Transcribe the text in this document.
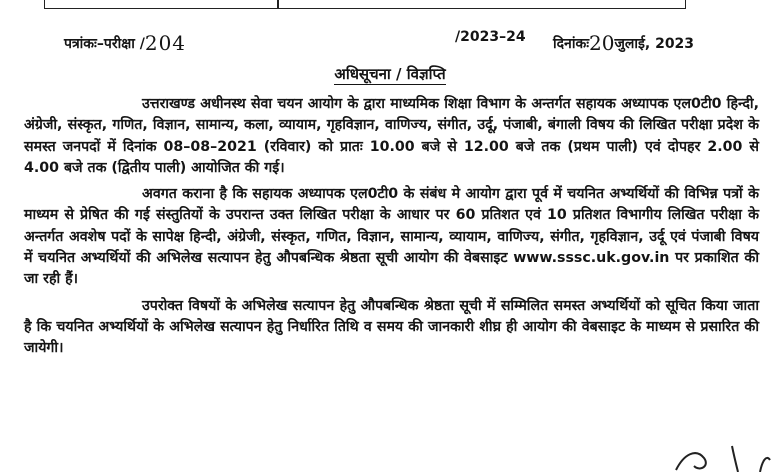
पत्रांकः–परीक्षा /204	/2023–24 दिनांकः20जुलाई, 2023
अधिसूचना / विज्ञप्ति

उत्तराखण्ड अधीनस्थ सेवा चयन आयोग के द्वारा माध्यमिक शिक्षा विभाग के अन्तर्गत सहायक अध्यापक एल0टी0 हिन्दी, अंग्रेजी, संस्कृत, गणित, विज्ञान, सामान्य, कला, व्यायाम, गृहविज्ञान, वाणिज्य, संगीत, उर्दू, पंजाबी, बंगाली विषय की लिखित परीक्षा प्रदेश के समस्त जनपदों में दिनांक 08–08–2021 (रविवार) को प्रातः 10.00 बजे से 12.00 बजे तक (प्रथम पाली) एवं दोपहर 2.00 से 4.00 बजे तक (द्वितीय पाली) आयोजित की गई।

अवगत कराना है कि सहायक अध्यापक एल0टी0 के संबंध मे आयोग द्वारा पूर्व में चयनित अभ्यर्थियों की विभिन्न पत्रों के माध्यम से प्रेषित की गई संस्तुतियों के उपरान्त उक्त लिखित परीक्षा के आधार पर 60 प्रतिशत एवं 10 प्रतिशत विभागीय लिखित परीक्षा के अन्तर्गत अवशेष पदों के सापेक्ष हिन्दी, अंग्रेजी, संस्कृत, गणित, विज्ञान, सामान्य, व्यायाम, वाणिज्य, संगीत, गृहविज्ञान, उर्दू एवं पंजाबी विषय में चयनित अभ्यर्थियों की अभिलेख सत्यापन हेतु औपबन्धिक श्रेष्ठता सूची आयोग की वेबसाइट www.sssc.uk.gov.in पर प्रकाशित की जा रही हैं।

उपरोक्त विषयों के अभिलेख सत्यापन हेतु औपबन्धिक श्रेष्ठता सूची में सम्मिलित समस्त अभ्यर्थियों को सूचित किया जाता है कि चयनित अभ्यर्थियों के अभिलेख सत्यापन हेतु निर्धारित तिथि व समय की जानकारी शीघ्र ही आयोग की वेबसाइट के माध्यम से प्रसारित की जायेगी।
